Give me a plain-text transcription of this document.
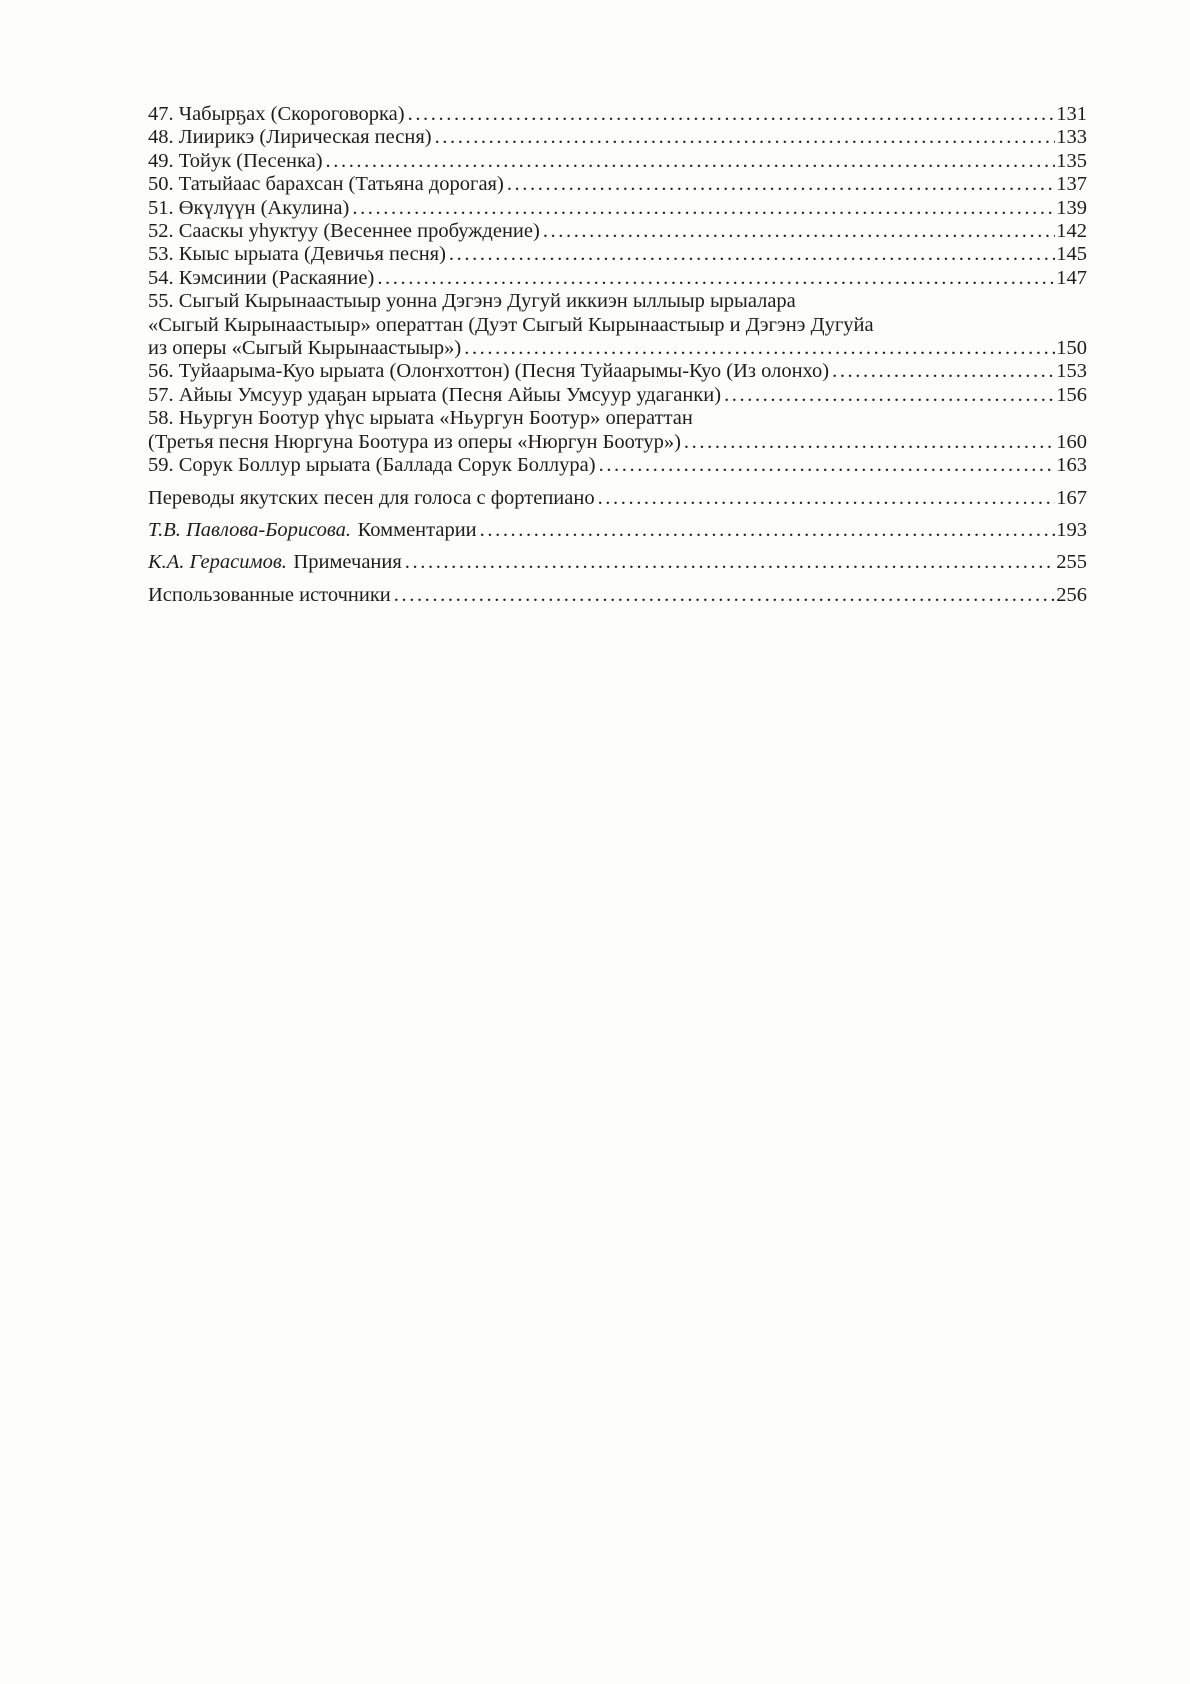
47. Чабырҕах (Скороговорка) .....	131
48. Лиирикэ (Лирическая песня) .....	133
49. Тойук (Песенка) .....	135
50. Татыйаас барахсан (Татьяна дорогая) .....	137
51. Өкүлүүн (Акулина) .....	139
52. Сааскы уһуктуу (Весеннее пробуждение) .....	142
53. Кыыс ырыата (Девичья песня) .....	145
54. Кэмсинии (Раскаяние) .....	147
55. Сыгый Кырынаастыыр уонна Дэгэнэ Дугуй иккиэн ыллыыр ырыалара
«Сыгый Кырынаастыыр» операттан (Дуэт Сыгый Кырынаастыыр и Дэгэнэ Дугуйа
из оперы «Сыгый Кырынаастыыр») .....	150
56. Туйаарыма-Куо ырыата (Олоҥхоттон) (Песня Туйаарымы-Куо (Из олонхо) .....	153
57. Айыы Умсуур удаҕан ырыата (Песня Айыы Умсуур удаганки) .....	156
58. Ньургун Боотур үһүс ырыата «Ньургун Боотур» операттан
(Третья песня Нюргуна Боотура из оперы «Нюргун Боотур») .....	160
59. Сорук Боллур ырыата (Баллада Сорук Боллура) .....	163
Переводы якутских песен для голоса с фортепиано .....	167
Т.В. Павлова-Борисова. Комментарии .....	193
К.А. Герасимов. Примечания .....	255
Использованные источники .....	256
